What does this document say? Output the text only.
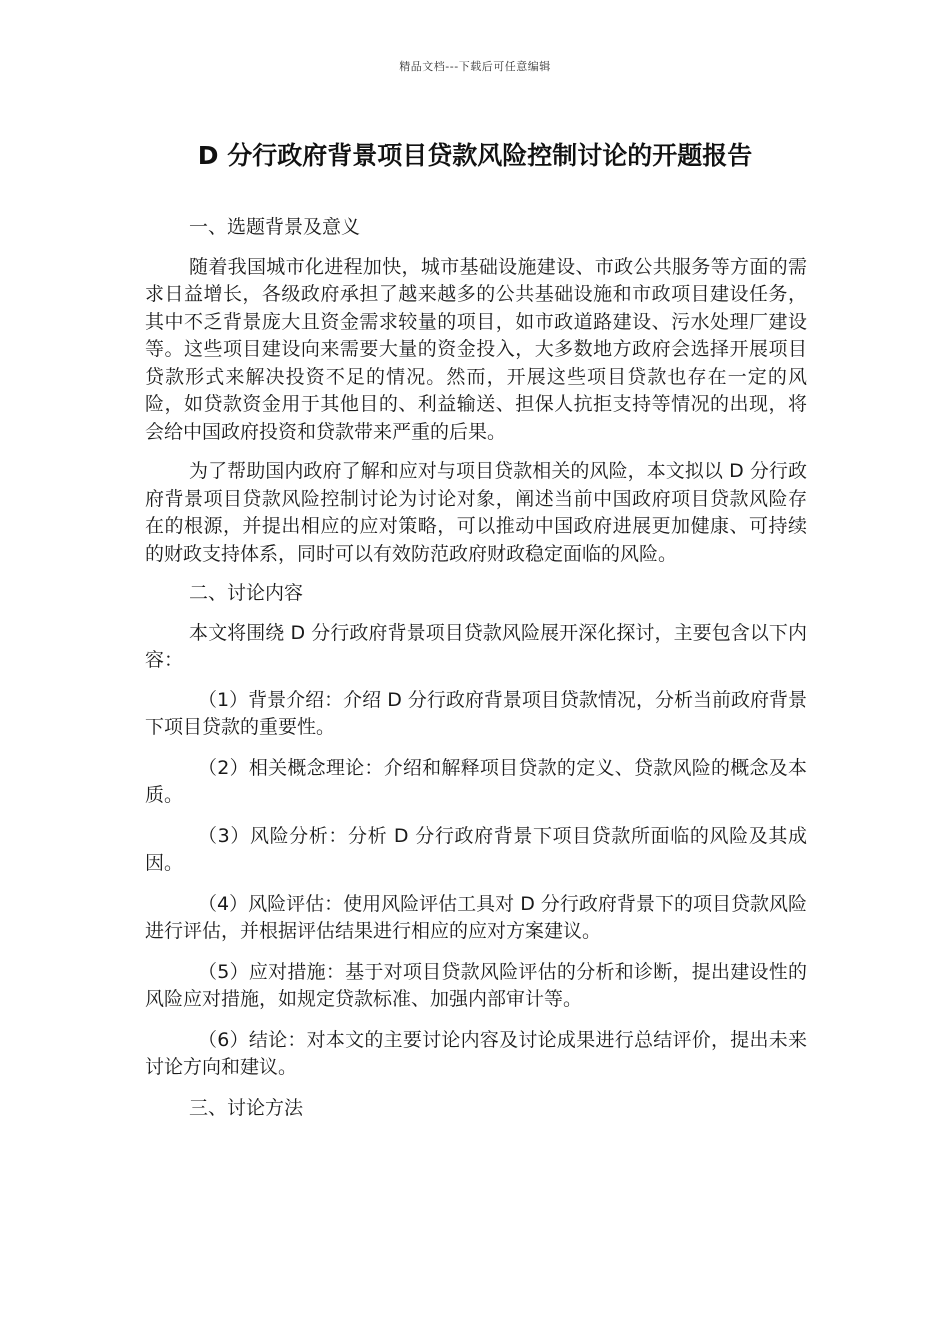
精品文档---下载后可任意编辑
D 分行政府背景项目贷款风险控制讨论的开题报告

一、选题背景及意义

随着我国城市化进程加快，城市基础设施建设、市政公共服务等方面的需求日益增长，各级政府承担了越来越多的公共基础设施和市政项目建设任务，其中不乏背景庞大且资金需求较量的项目，如市政道路建设、污水处理厂建设等。这些项目建设向来需要大量的资金投入，大多数地方政府会选择开展项目贷款形式来解决投资不足的情况。然而，开展这些项目贷款也存在一定的风险，如贷款资金用于其他目的、利益输送、担保人抗拒支持等情况的出现，将会给中国政府投资和贷款带来严重的后果。

为了帮助国内政府了解和应对与项目贷款相关的风险，本文拟以 D 分行政府背景项目贷款风险控制讨论为讨论对象，阐述当前中国政府项目贷款风险存在的根源，并提出相应的应对策略，可以推动中国政府进展更加健康、可持续的财政支持体系，同时可以有效防范政府财政稳定面临的风险。

二、讨论内容

本文将围绕 D 分行政府背景项目贷款风险展开深化探讨，主要包含以下内容：

（1）背景介绍：介绍 D 分行政府背景项目贷款情况，分析当前政府背景下项目贷款的重要性。

（2）相关概念理论：介绍和解释项目贷款的定义、贷款风险的概念及本质。

（3）风险分析：分析 D 分行政府背景下项目贷款所面临的风险及其成因。

（4）风险评估：使用风险评估工具对 D 分行政府背景下的项目贷款风险进行评估，并根据评估结果进行相应的应对方案建议。

（5）应对措施：基于对项目贷款风险评估的分析和诊断，提出建设性的风险应对措施，如规定贷款标准、加强内部审计等。

（6）结论：对本文的主要讨论内容及讨论成果进行总结评价，提出未来讨论方向和建议。

三、讨论方法
